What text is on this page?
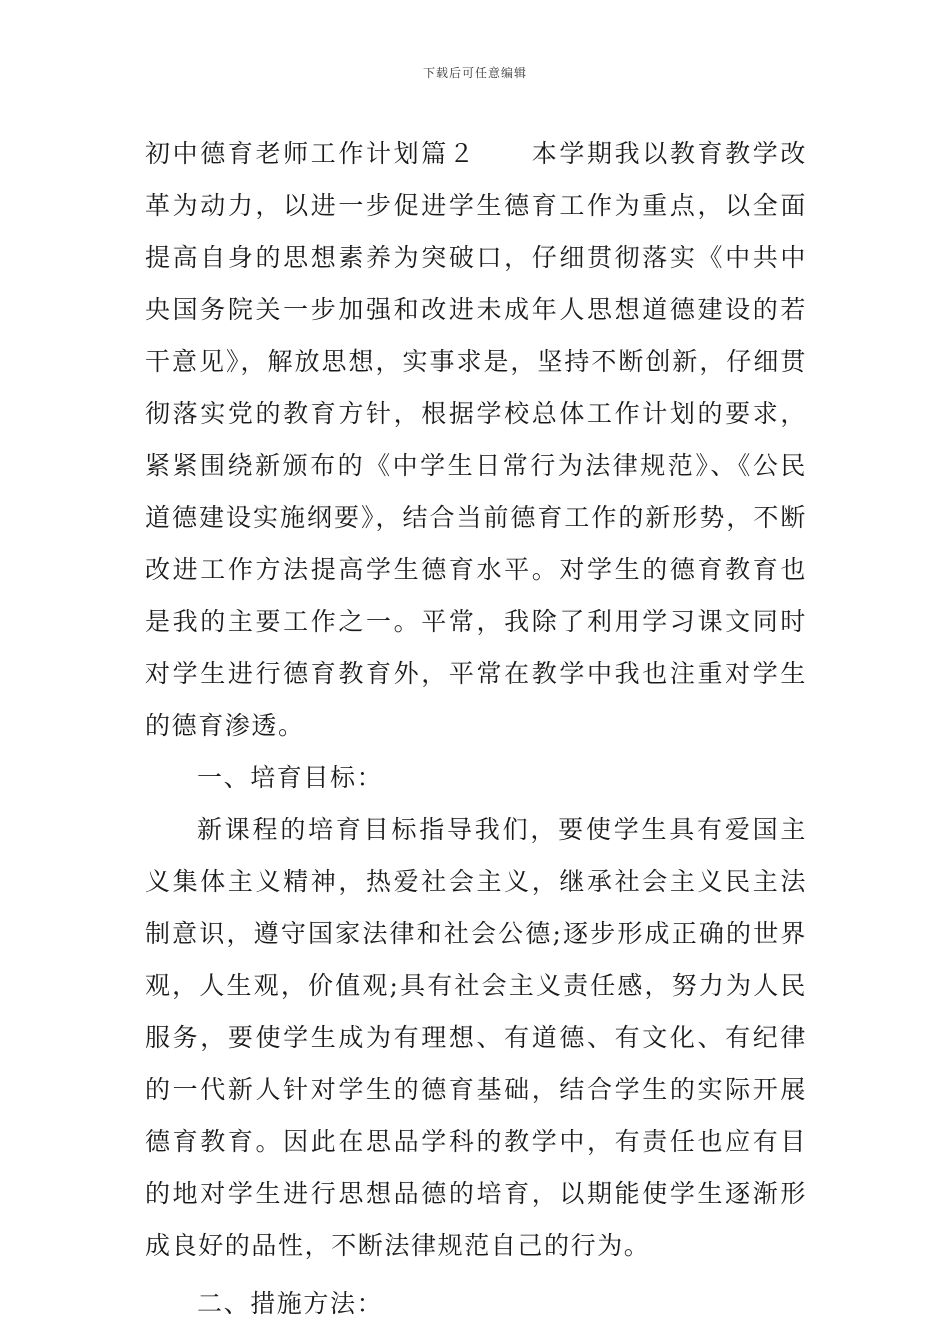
下载后可任意编辑

初中德育老师工作计划篇２　　本学期我以教育教学改革为动力，以进一步促进学生德育工作为重点，以全面提高自身的思想素养为突破口，仔细贯彻落实《中共中央国务院关一步加强和改进未成年人思想道德建设的若干意见》，解放思想，实事求是，坚持不断创新，仔细贯彻落实党的教育方针，根据学校总体工作计划的要求，紧紧围绕新颁布的《中学生日常行为法律规范》、《公民道德建设实施纲要》，结合当前德育工作的新形势，不断改进工作方法提高学生德育水平。对学生的德育教育也是我的主要工作之一。平常，我除了利用学习课文同时对学生进行德育教育外，平常在教学中我也注重对学生的德育渗透。

一、培育目标：

新课程的培育目标指导我们，要使学生具有爱国主义集体主义精神，热爱社会主义，继承社会主义民主法制意识，遵守国家法律和社会公德;逐步形成正确的世界观，人生观，价值观;具有社会主义责任感，努力为人民服务，要使学生成为有理想、有道德、有文化、有纪律的一代新人针对学生的德育基础，结合学生的实际开展德育教育。因此在思品学科的教学中，有责任也应有目的地对学生进行思想品德的培育，以期能使学生逐渐形成良好的品性，不断法律规范自己的行为。

二、措施方法：
